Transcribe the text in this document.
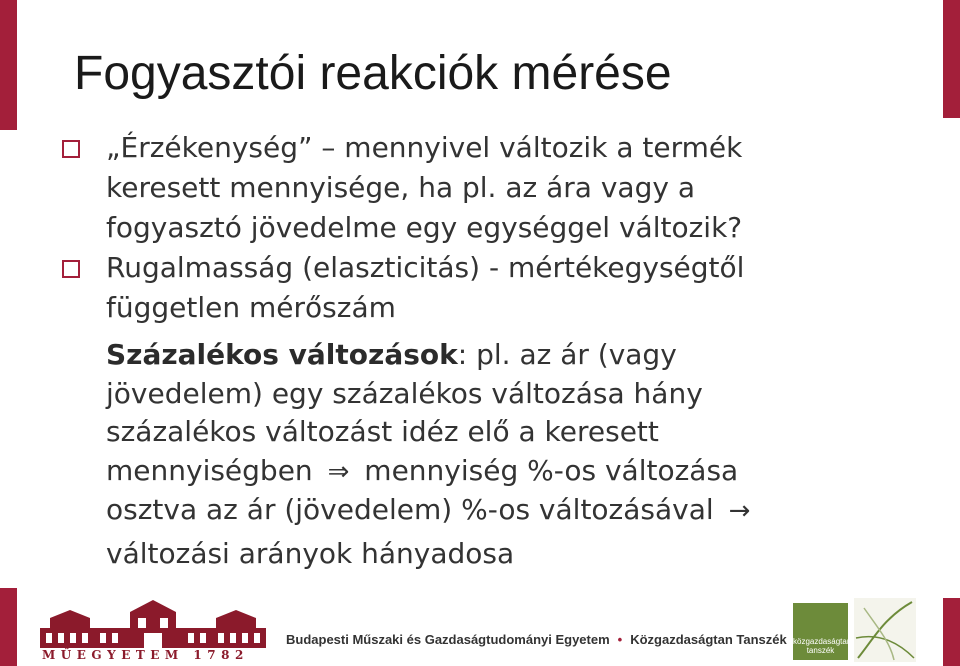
Fogyasztói reakciók mérése
„Érzékenység” – mennyivel változik a termék
keresett mennyisége, ha pl. az ára vagy a
fogyasztó jövedelme egy egységgel változik?
Rugalmasság (elaszticitás) - mértékegységtől
független mérőszám
Százalékos változások: pl. az ár (vagy
jövedelem) egy százalékos változása hány
százalékos változást idéz elő a keresett
mennyiségben ⇒ mennyiség %-os változása
osztva az ár (jövedelem) %-os változásával →
változási arányok hányadosa
MŰEGYETEM 1782
Budapesti Műszaki és Gazdaságtudományi Egyetem • Közgazdaságtan Tanszék közgazdaságtan
tanszék
